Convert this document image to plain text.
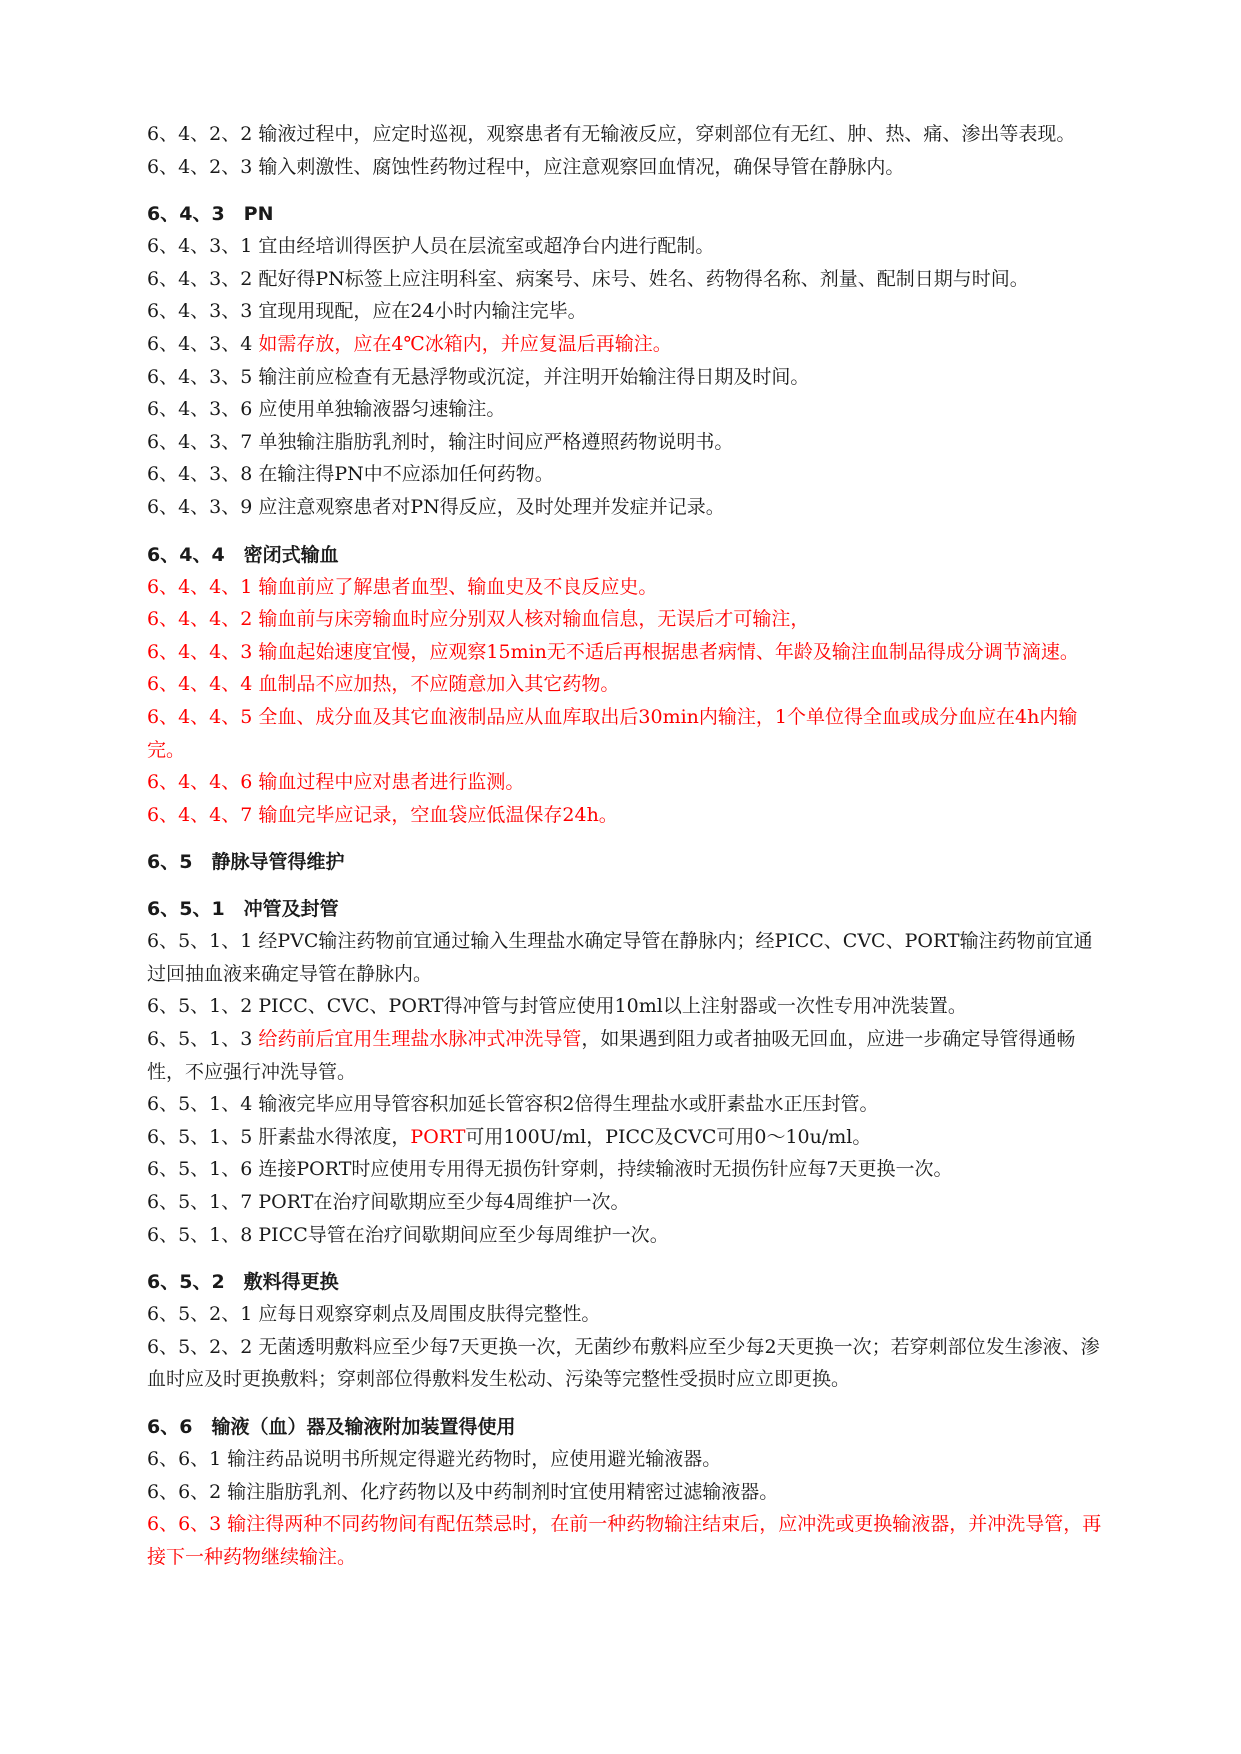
6、4、2、2 输液过程中，应定时巡视，观察患者有无输液反应，穿刺部位有无红、肿、热、痛、渗出等表现。

6、4、2、3 输入刺激性、腐蚀性药物过程中，应注意观察回血情况，确保导管在静脉内。

6、4、3　PN

6、4、3、1 宜由经培训得医护人员在层流室或超净台内进行配制。

6、4、3、2 配好得PN标签上应注明科室、病案号、床号、姓名、药物得名称、剂量、配制日期与时间。

6、4、3、3 宜现用现配，应在24小时内输注完毕。

6、4、3、4 如需存放，应在4℃冰箱内，并应复温后再输注。

6、4、3、5 输注前应检查有无悬浮物或沉淀，并注明开始输注得日期及时间。

6、4、3、6 应使用单独输液器匀速输注。

6、4、3、7 单独输注脂肪乳剂时，输注时间应严格遵照药物说明书。

6、4、3、8 在输注得PN中不应添加任何药物。

6、4、3、9 应注意观察患者对PN得反应，及时处理并发症并记录。

6、4、4　密闭式输血

6、4、4、1 输血前应了解患者血型、输血史及不良反应史。

6、4、4、2 输血前与床旁输血时应分别双人核对输血信息，无误后才可输注，

6、4、4、3 输血起始速度宜慢，应观察15min无不适后再根据患者病情、年龄及输注血制品得成分调节滴速。

6、4、4、4 血制品不应加热，不应随意加入其它药物。

6、4、4、5 全血、成分血及其它血液制品应从血库取出后30min内输注，1个单位得全血或成分血应在4h内输完。

6、4、4、6 输血过程中应对患者进行监测。

6、4、4、7 输血完毕应记录，空血袋应低温保存24h。

6、5　静脉导管得维护

6、5、1　冲管及封管

6、5、1、1 经PVC输注药物前宜通过输入生理盐水确定导管在静脉内；经PICC、CVC、PORT输注药物前宜通过回抽血液来确定导管在静脉内。

6、5、1、2 PICC、CVC、PORT得冲管与封管应使用10ml以上注射器或一次性专用冲洗装置。

6、5、1、3 给药前后宜用生理盐水脉冲式冲洗导管，如果遇到阻力或者抽吸无回血，应进一步确定导管得通畅性，不应强行冲洗导管。

6、5、1、4 输液完毕应用导管容积加延长管容积2倍得生理盐水或肝素盐水正压封管。

6、5、1、5 肝素盐水得浓度，PORT可用100U/ml，PICC及CVC可用0～10u/ml。

6、5、1、6 连接PORT时应使用专用得无损伤针穿刺，持续输液时无损伤针应每7天更换一次。

6、5、1、7 PORT在治疗间歇期应至少每4周维护一次。

6、5、1、8 PICC导管在治疗间歇期间应至少每周维护一次。

6、5、2　敷料得更换

6、5、2、1 应每日观察穿刺点及周围皮肤得完整性。

6、5、2、2 无菌透明敷料应至少每7天更换一次，无菌纱布敷料应至少每2天更换一次；若穿刺部位发生渗液、渗血时应及时更换敷料；穿刺部位得敷料发生松动、污染等完整性受损时应立即更换。

6、6　输液（血）器及输液附加装置得使用

6、6、1 输注药品说明书所规定得避光药物时，应使用避光输液器。

6、6、2 输注脂肪乳剂、化疗药物以及中药制剂时宜使用精密过滤输液器。

6、6、3 输注得两种不同药物间有配伍禁忌时，在前一种药物输注结束后，应冲洗或更换输液器，并冲洗导管，再接下一种药物继续输注。
